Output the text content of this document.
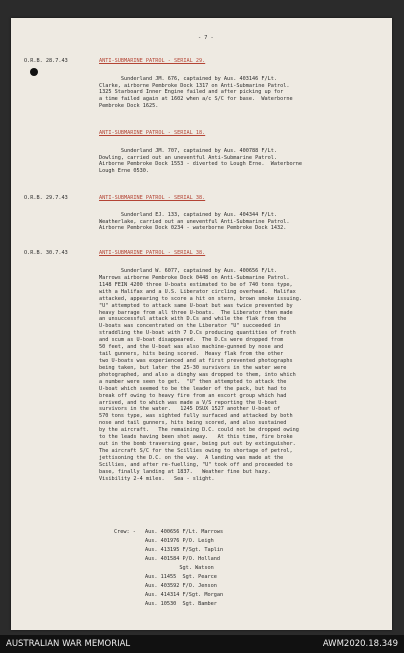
- 7 -
O.R.B. 28.7.43	ANTI-SUBMARINE PATROL - SERIAL 29.
Sunderland JM. 676, captained by Aus. 403146 F/Lt.
Clarke, airborne Pembroke Dock 1317 on Anti-Submarine Patrol.
1325 Starboard Inner Engine failed and after picking up for
a time failed again at 1602 when a/c S/C for base.  Waterborne
Pembroke Dock 1625.
ANTI-SUBMARINE PATROL - SERIAL 18.
Sunderland JM. 707, captained by Aus. 400788 F/Lt.
Dowling, carried out an uneventful Anti-Submarine Patrol.
Airborne Pembroke Dock 1553 - diverted to Lough Erne.  Waterborne
Lough Erne 0530.
O.R.B. 29.7.43	ANTI-SUBMARINE PATROL - SERIAL 38.
Sunderland EJ. 133, captained by Aus. 404344 F/Lt.
Weatherlake, carried out an uneventful Anti-Submarine Patrol.
Airborne Pembroke Dock 0234 - waterborne Pembroke Dock 1432.
O.R.B. 30.7.43	ANTI-SUBMARINE PATROL - SERIAL 38.
Sunderland W. 6077, captained by Aus. 400656 F/Lt.
Marrows airborne Pembroke Dock 0448 on Anti-Submarine Patrol.
1148 FEIN 4200 three U-boats estimated to be of 740 tons type,
with a Halifax and a U.S. Liberator circling overhead.  Halifax
attacked, appearing to score a hit on stern, brown smoke issuing.
"U" attempted to attack same U-boat but was twice prevented by
heavy barrage from all three U-boats.  The Liberator then made
an unsuccessful attack with D.Cs and while the flak from the
U-boats was concentrated on the Liberator "U" succeeded in
straddling the U-boat with 7 D.Cs producing quantities of froth
and scum as U-boat disappeared.  The D.Cs were dropped from
50 feet, and the U-boat was also machine-gunned by nose and
tail gunners, hits being scored.  Heavy flak from the other
two U-boats was experienced and at first prevented photographs
being taken, but later the 25-30 survivors in the water were
photographed, and also a dinghy was dropped to them, into which
a number were seen to get.  "U" then attempted to attack the
U-boat which seemed to be the leader of the pack, but had to
break off owing to heavy fire from an escort group which had
arrived, and to which was made a V/S reporting the U-boat
survivors in the water.   1245 DSUX 1527 another U-boat of
570 tons type, was sighted fully surfaced and attacked by both
nose and tail gunners, hits being scored, and also sustained
by the aircraft.   The remaining D.C. could not be dropped owing
to the leads having been shot away.   At this time, fire broke
out in the bomb traversing gear, being put out by extinguisher.
The aircraft S/C for the Scillies owing to shortage of petrol,
jettisoning the D.C. on the way.  A landing was made at the
Scillies, and after re-fuelling, "U" took off and proceeded to
base, finally landing at 1837.   Weather fine but hazy.
Visibility 2-4 miles.   Sea - slight.
Crew: - Aus. 400656 F/Lt. Marrows
Aus. 401976 P/O. Leigh
Aus. 413195 F/Sgt. Taplin
Aus. 401584 P/O. Holland
Sgt. Watson
Aus. 11455  Sgt. Pearce
Aus. 403592 F/O. Jenson
Aus. 414314 F/Sgt. Morgan
Aus. 10530  Sgt. Bamber
AUSTRALIAN WAR MEMORIAL	AWM2020.18.349
